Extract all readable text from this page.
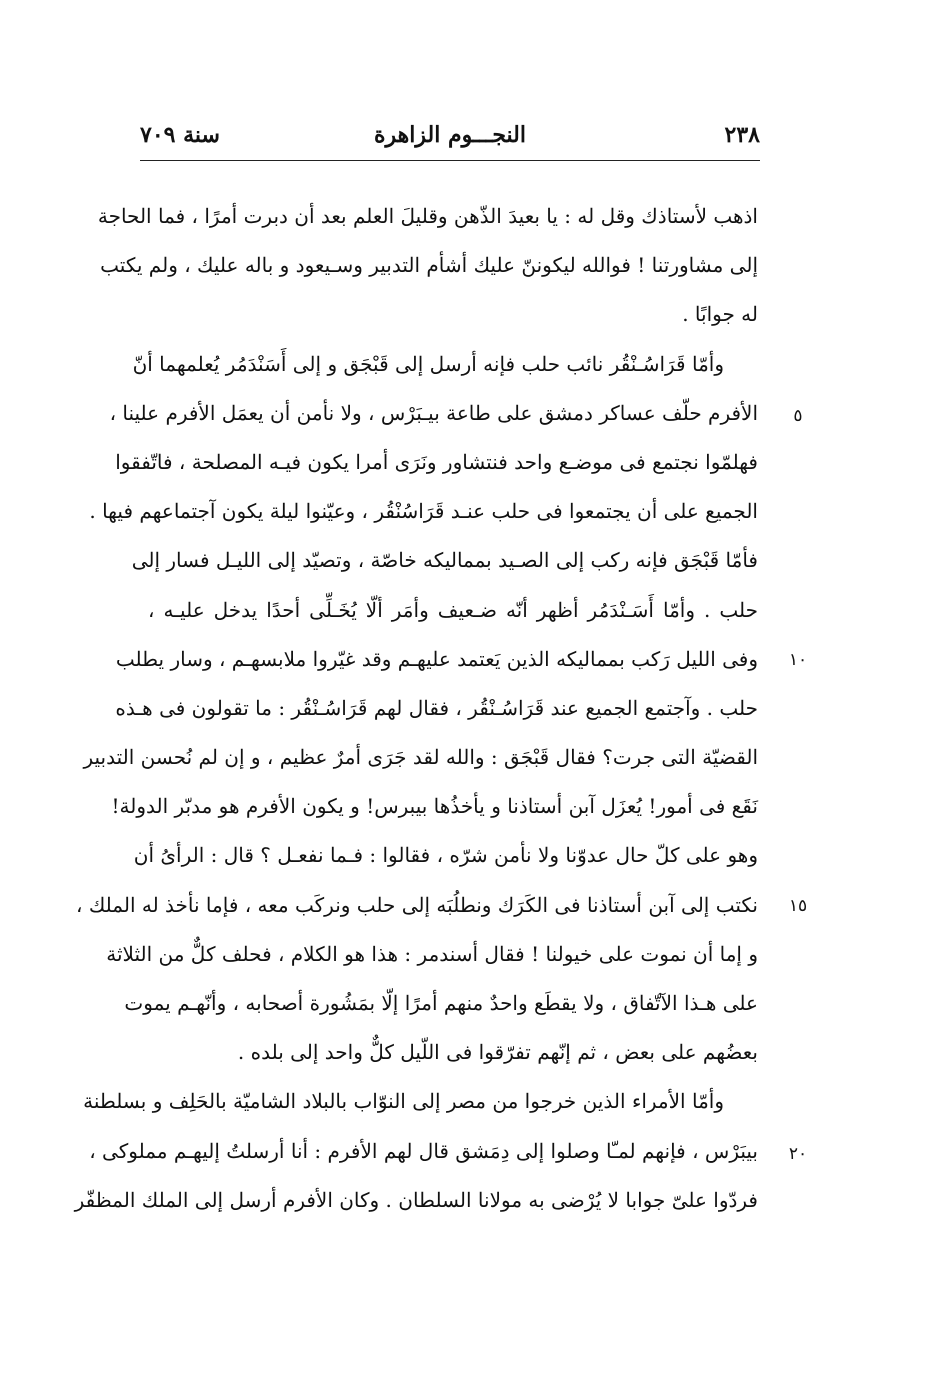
٢٣٨
النجـــوم الزاهرة
سنة ٧٠٩
اذهب لأستاذك وقل له : يا بعيدَ الذّهن وقليلَ العلم بعد أن دبرت أمرًا ، فما الحاجة
إلى مشاورتنا ! فوالله ليكوننّ عليك أشأم التدبير وسـيعود و باله عليك ، ولم يكتب
له جوابًا .
وأمّا قَرَاسُـنْقُر نائب حلب فإنه أرسل إلى قَبْجَق و إلى أَسَنْدَمُر يُعلمهما أنّ
الأفرم حلّف عساكر دمشق على طاعة بيـبَرْس ، ولا نأمن أن يعمَل الأفرم علينا ،
فهلمّوا نجتمع فى موضـع واحد فنتشاور ونَرَى أمرا يكون فيـه المصلحة ، فاتّفقوا
الجميع على أن يجتمعوا فى حلب عنـد قَرَاسُنْقُر ، وعيّنوا ليلة يكون آجتماعهم فيها .
فأمّا قَبْجَق فإنه ركب إلى الصـيد بمماليكه خاصّة ، وتصيّد إلى الليـل فسار إلى
حلب . وأمّا أَسَـنْدَمُر أظهر أنّه ضـعيف وأمَر ألّا يُخَـلِّى أحدًا يدخل عليـه ،
وفى الليل رَكب بمماليكه الذين يَعتمد عليهـم وقد غيّروا ملابسهـم ، وسار يطلب
حلب . وآجتمع الجميع عند قَرَاسُـنْقُر ، فقال لهم قَرَاسُـنْقُر : ما تقولون فى هـذه
القضيّة التى جرت؟ فقال قَبْجَق : والله لقد جَرَى أمرٌ عظيم ، و إن لم نُحسن التدبير
نَقَع فى أمور! يُعزَل آبن أستاذنا و يأخذُها بيبرس! و يكون الأفرم هو مدبّر الدولة!
وهو على كلّ حال عدوّنا ولا نأمن شرّه ، فقالوا : فـما نفعـل ؟ قال : الرأىُ أن
نكتب إلى آبن أستاذنا فى الكَرَك ونطلُبَه إلى حلب ونركَب معه ، فإما نأخذ له الملك ،
و إما أن نموت على خيولنا ! فقال أسندمر : هذا هو الكلام ، فحلف كلٌّ من الثلاثة
على هـذا الآتّفاق ، ولا يقطَع واحدٌ منهم أمرًا إلّا بمَشُورة أصحابه ، وأنّهـم يموت
بعضُهم على بعض ، ثم إنّهم تفرّقوا فى اللّيل كلٌّ واحد إلى بلده .
وأمّا الأمراء الذين خرجوا من مصر إلى النوّاب بالبلاد الشاميّة بالحَلِف و بسلطنة
بيبَرْس ، فإنهم لمـّا وصلوا إلى دِمَشق قال لهم الأفرم : أنا أرسلتُ إليهـم مملوكى ،
فردّوا علىّ جوابا لا يُرْضى به مولانا السلطان . وكان الأفرم أرسل إلى الملك المظفّر
٥
١٠
١٥
٢٠
